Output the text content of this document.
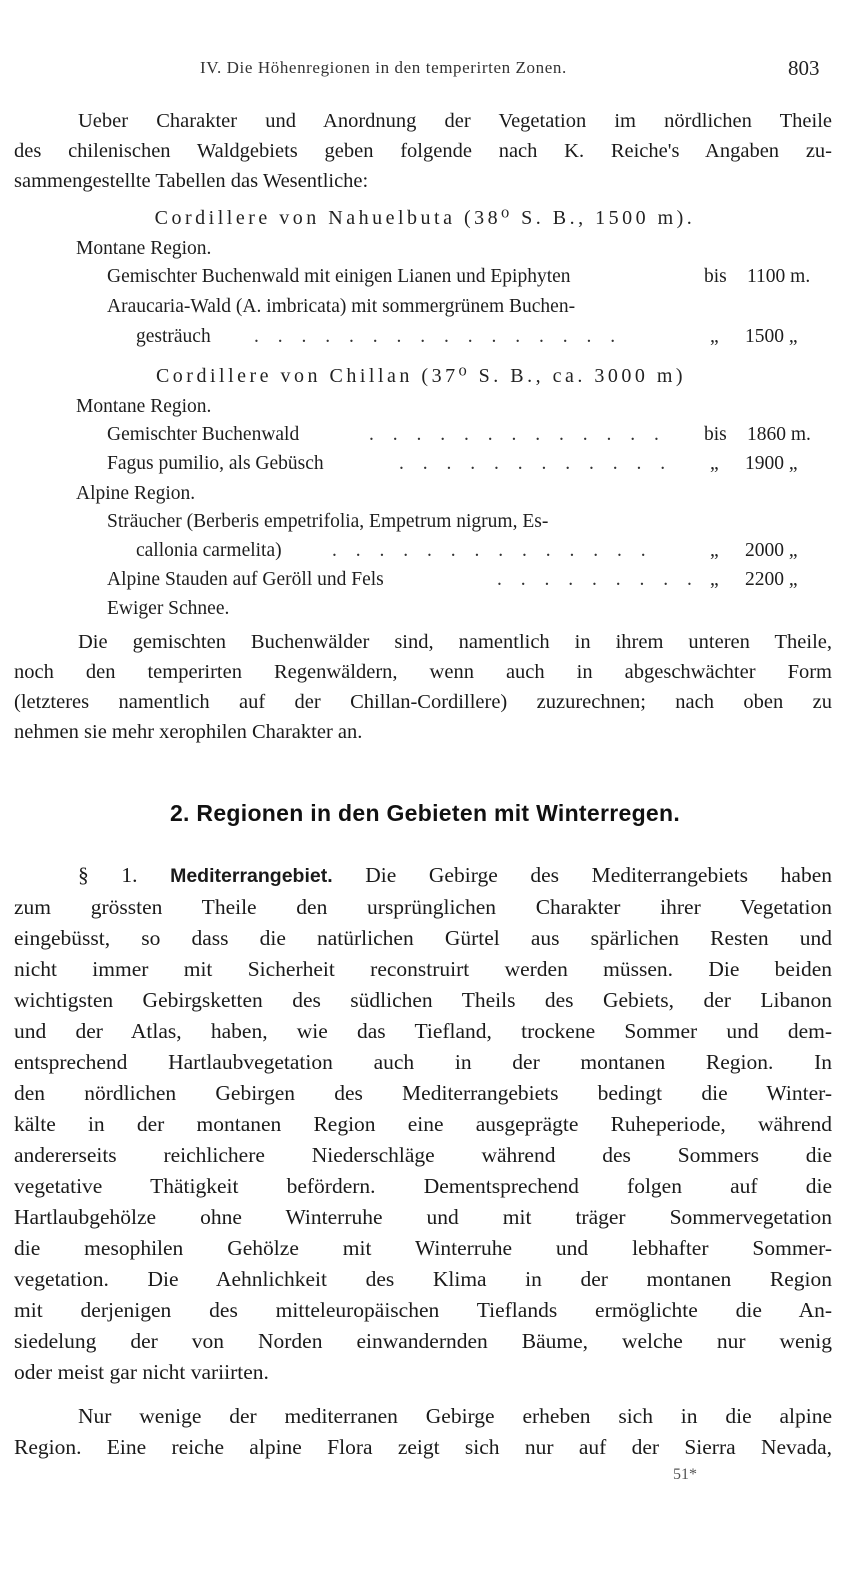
IV. Die Höhenregionen in den temperirten Zonen.	803
Ueber Charakter und Anordnung der Vegetation im nördlichen Theile
des chilenischen Waldgebiets geben folgende nach K. Reiche's Angaben zu-
sammengestellte Tabellen das Wesentliche:
Cordillere von Nahuelbuta (38⁰ S. B., 1500 m).
Montane Region.
Gemischter Buchenwald mit einigen Lianen und Epiphyten	bis 1100 m.
Araucaria-Wald (A. imbricata) mit sommergrünem Buchen-
gesträuch . . . . . . . . . . . . . . . .	„ 1500 „
Cordillere von Chillan (37⁰ S. B., ca. 3000 m)
Montane Region.
Gemischter Buchenwald	. . . . . . . . . . . . . bis 1860 m.
Fagus pumilio, als Gebüsch	. . . . . . . . . . . . „ 1900 „
Alpine Region.
Sträucher (Berberis empetrifolia, Empetrum nigrum, Es-
callonia carmelita)	. . . . . . . . . . . . . .	„ 2000 „
Alpine Stauden auf Geröll und Fels	. . . . . . . . . „ 2200 „
Ewiger Schnee.
Die gemischten Buchenwälder sind, namentlich in ihrem unteren Theile,
noch den temperirten Regenwäldern, wenn auch in abgeschwächter Form
(letzteres namentlich auf der Chillan-Cordillere) zuzurechnen; nach oben zu
nehmen sie mehr xerophilen Charakter an.
2. Regionen in den Gebieten mit Winterregen.
§ 1. Mediterrangebiet. Die Gebirge des Mediterrangebiets haben
zum grössten Theile den ursprünglichen Charakter ihrer Vegetation
eingebüsst, so dass die natürlichen Gürtel aus spärlichen Resten und
nicht immer mit Sicherheit reconstruirt werden müssen. Die beiden
wichtigsten Gebirgsketten des südlichen Theils des Gebiets, der Libanon
und der Atlas, haben, wie das Tiefland, trockene Sommer und dem-
entsprechend Hartlaubvegetation auch in der montanen Region. In
den nördlichen Gebirgen des Mediterrangebiets bedingt die Winter-
kälte in der montanen Region eine ausgeprägte Ruheperiode, während
andererseits reichlichere Niederschläge während des Sommers die
vegetative Thätigkeit befördern. Dementsprechend folgen auf die
Hartlaubgehölze ohne Winterruhe und mit träger Sommervegetation
die mesophilen Gehölze mit Winterruhe und lebhafter Sommer-
vegetation. Die Aehnlichkeit des Klima in der montanen Region
mit derjenigen des mitteleuropäischen Tieflands ermöglichte die An-
siedelung der von Norden einwandernden Bäume, welche nur wenig
oder meist gar nicht variirten.
Nur wenige der mediterranen Gebirge erheben sich in die alpine
Region. Eine reiche alpine Flora zeigt sich nur auf der Sierra Nevada,
51*
